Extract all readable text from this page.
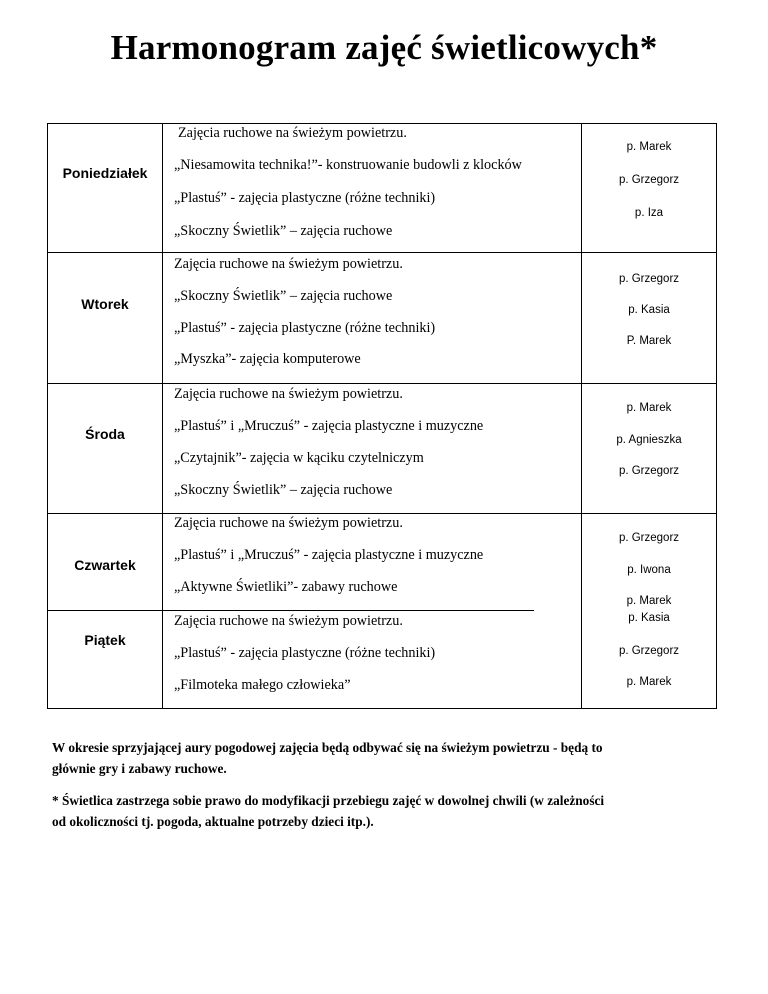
Harmonogram zajęć świetlicowych*
Poniedziałek
Zajęcia ruchowe na świeżym powietrzu.
„Niesamowita technika!”- konstruowanie budowli z klocków
„Plastuś” - zajęcia plastyczne (różne techniki)
„Skoczny Świetlik” – zajęcia ruchowe
p. Marek
p. Grzegorz
p. Iza
Wtorek
Zajęcia ruchowe na świeżym powietrzu.
„Skoczny Świetlik” – zajęcia ruchowe
„Plastuś” - zajęcia plastyczne (różne techniki)
„Myszka”- zajęcia komputerowe
p. Grzegorz
p. Kasia
P. Marek
Środa
Zajęcia ruchowe na świeżym powietrzu.
„Plastuś” i „Mruczuś” - zajęcia plastyczne i muzyczne
„Czytajnik”- zajęcia w kąciku czytelniczym
„Skoczny Świetlik” – zajęcia ruchowe
p. Marek
p. Agnieszka
p. Grzegorz
Czwartek
Zajęcia ruchowe na świeżym powietrzu.
„Plastuś” i „Mruczuś” - zajęcia plastyczne i muzyczne
„Aktywne Świetliki”- zabawy ruchowe
p. Grzegorz
p. Iwona
p. Marek
Piątek
Zajęcia ruchowe na świeżym powietrzu.
„Plastuś” - zajęcia plastyczne (różne techniki)
„Filmoteka małego człowieka”
p. Kasia
p. Grzegorz
p. Marek
W okresie sprzyjającej aury pogodowej zajęcia będą odbywać się na świeżym powietrzu - będą to
głównie gry i zabawy ruchowe.
* Świetlica zastrzega sobie prawo do modyfikacji przebiegu zajęć w dowolnej chwili (w zależności
od okoliczności tj. pogoda, aktualne potrzeby dzieci itp.).
